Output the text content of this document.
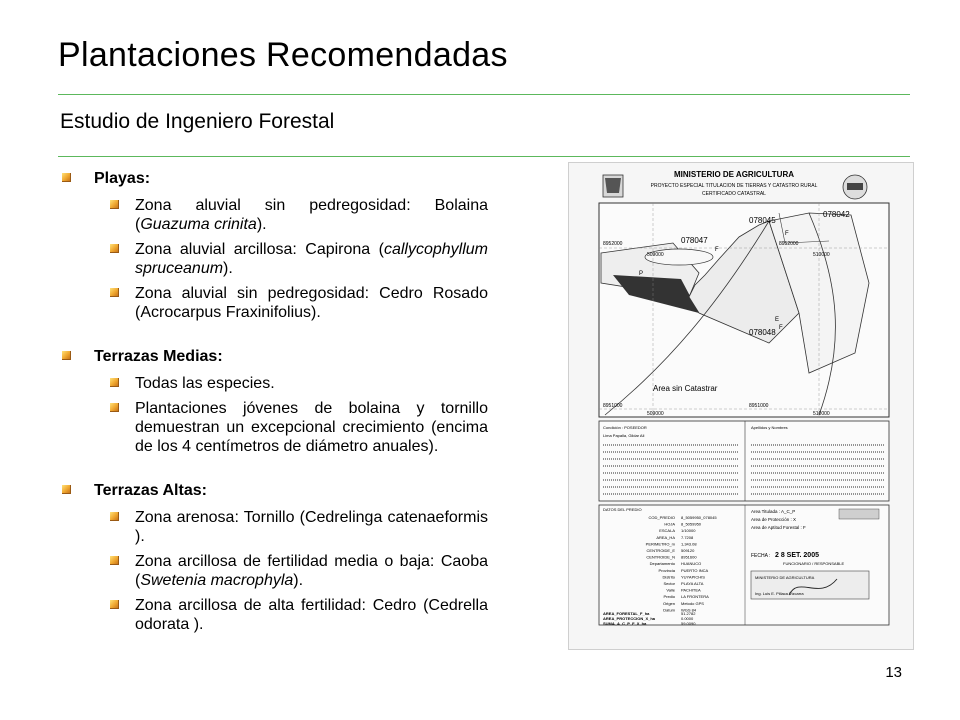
Plantaciones Recomendadas
Estudio de Ingeniero Forestal
Playas:
Zona aluvial sin pedregosidad: Bolaina (Guazuma crinita).
Zona aluvial arcillosa: Capirona (callycophyllum spruceanum).
Zona aluvial sin pedregosidad: Cedro Rosado (Acrocarpus Fraxinifolius).
Terrazas Medias:
Todas las especies.
Plantaciones jóvenes de bolaina y tornillo demuestran un excepcional crecimiento (encima de los 4 centímetros de diámetro anuales).
Terrazas Altas:
Zona arenosa: Tornillo (Cedrelinga catenaeformis ).
Zona arcillosa de fertilidad media o baja: Caoba (Swetenia macrophyla).
Zona arcillosa de alta fertilidad: Cedro (Cedrella odorata ).
MINISTERIO DE AGRICULTURA
PROYECTO ESPECIAL TITULACION DE TIERRAS Y CATASTRO RURAL
CERTIFICADO CATASTRAL
078045
078042
078047
078048
8952000
509000
8952000
510000
8951000
509000
8951000
510000
F
P
F
E
F
Area sin Catastrar
Condición : POSEEDOR
Lima Papalla, Gildar Ali
Apellidos y Nombres
COD_PREDIO 8_5059950_078045
HOJA 8_5059950
ESCALA 1/10000
AREA_HA 7.7208
PERIMETRO_m 1,343.08
CENTROIDE_E 509120
CENTROIDE_N 8951600
Departamento HUANUCO
Provincia PUERTO INCA
Distrito YUYAPICHIS
Sector PLAYA ALTA
Valle PACHITEA
Predio LA FRONTERA
Origen Metodo GPS
Datum WGS 84
AREA_FORESTAL_F_ha	51.2782
AREA_PROTECCION_X_ha	0.0000
SUMA_A_C_P_F_X_ha	59.0090
DATOS DEL PREDIO	Area Titulada : A_C_P
Area de Protección : X
Area de Aptitud Forestal : F
FECHA : 2 8 SET. 2005
FUNCIONARIO / RESPONSABLE
MINISTERIO DE AGRICULTURA
Ing. Luis E. Pillaca Vizcarra
13
